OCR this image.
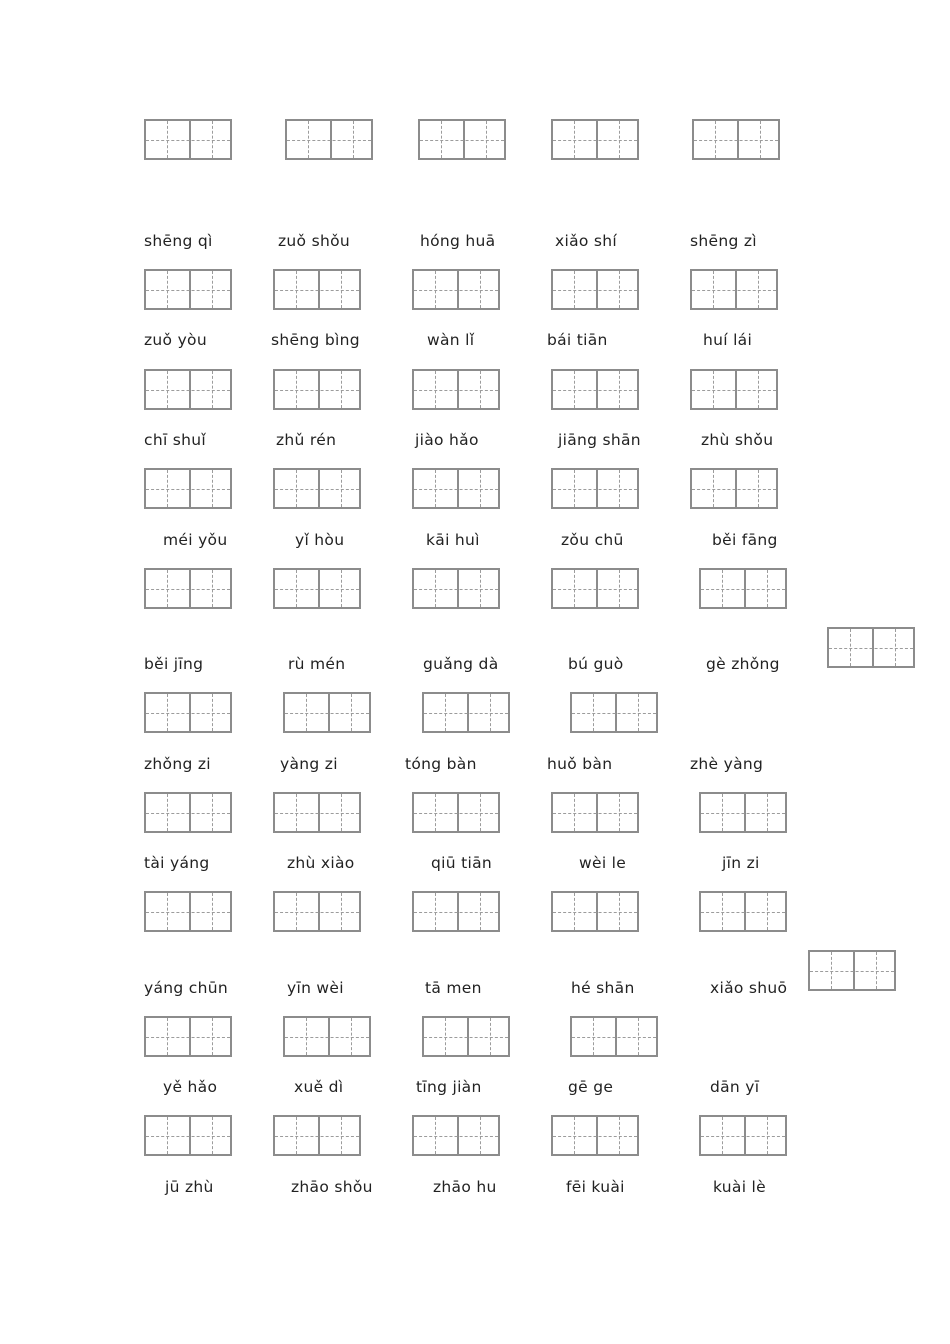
shēng qì	zuǒ shǒu	hóng huā	xiǎo shí	shēng zì
zuǒ yòu	shēng bìng	wàn lǐ	bái tiān	huí lái
chī shuǐ	zhǔ rén	jiào hǎo	jiāng shān	zhù shǒu
méi yǒu	yǐ hòu	kāi huì	zǒu chū	běi fāng
běi jīng	rù mén	guǎng dà	bú guò	gè zhǒng
zhǒng zi	yàng zi	tóng bàn	huǒ bàn	zhè yàng
tài yáng	zhù xiào	qiū tiān	wèi le	jīn zi
yáng chūn	yīn wèi	tā men	hé shān	xiǎo shuō
yě hǎo	xuě dì	tīng jiàn	gē ge	dān yī
jū zhù	zhāo shǒu	zhāo hu	fēi kuài	kuài lè
